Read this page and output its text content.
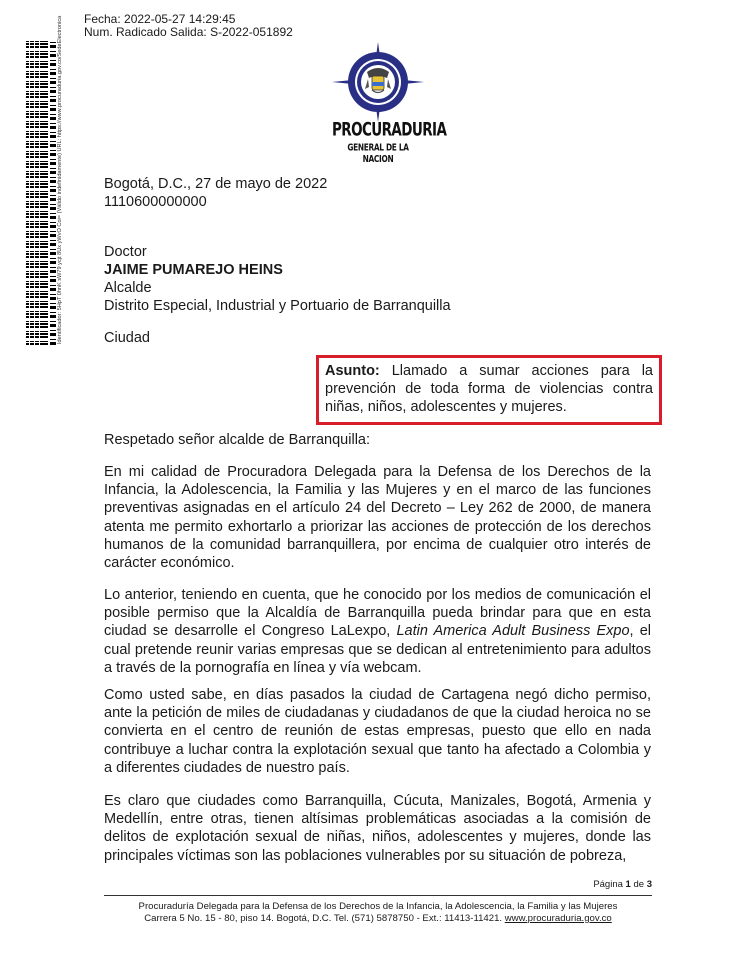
Fecha: 2022-05-27 14:29:45
Num. Radicado Salida: S-2022-051892
Identificador: 5HpT 0hnK sW79 ycjt 8Ux yWvO Coi= (Válido indefinidamente) URL: https://www.procuraduria.gov.co/SedeElectronica	PROCURADURIA
GENERAL DE LA NACION
Bogotá, D.C., 27 de mayo de 2022
1110600000000
Doctor
JAIME PUMAREJO HEINS
Alcalde
Distrito Especial, Industrial y Portuario de Barranquilla
Ciudad
Asunto: Llamado a sumar acciones para la prevención de toda forma de violencias contra niñas, niños, adolescentes y mujeres.
Respetado señor alcalde de Barranquilla:
En mi calidad de Procuradora Delegada para la Defensa de los Derechos de la Infancia, la Adolescencia, la Familia y las Mujeres y en el marco de las funciones preventivas asignadas en el artículo 24 del Decreto – Ley 262 de 2000, de manera atenta me permito exhortarlo a priorizar las acciones de protección de los derechos humanos de la comunidad barranquillera, por encima de cualquier otro interés de carácter económico.
Lo anterior, teniendo en cuenta, que he conocido por los medios de comunicación el posible permiso que la Alcaldía de Barranquilla pueda brindar para que en esta ciudad se desarrolle el Congreso LaLexpo, Latin America Adult Business Expo, el cual pretende reunir varias empresas que se dedican al entretenimiento para adultos a través de la pornografía en línea y vía webcam.
Como usted sabe, en días pasados la ciudad de Cartagena negó dicho permiso, ante la petición de miles de ciudadanas y ciudadanos de que la ciudad heroica no se convierta en el centro de reunión de estas empresas, puesto que ello en nada contribuye a luchar contra la explotación sexual que tanto ha afectado a Colombia y a diferentes ciudades de nuestro país.
Es claro que ciudades como Barranquilla, Cúcuta, Manizales, Bogotá, Armenia y Medellín, entre otras, tienen altísimas problemáticas asociadas a la comisión de delitos de explotación sexual de niñas, niños, adolescentes y mujeres, donde las principales víctimas son las poblaciones vulnerables por su situación de pobreza,
Página 1 de 3
Procuraduría Delegada para la Defensa de los Derechos de la Infancia, la Adolescencia, la Familia y las Mujeres
Carrera 5 No. 15 - 80, piso 14. Bogotá, D.C. Tel. (571) 5878750 - Ext.: 11413-11421. www.procuraduria.gov.co
